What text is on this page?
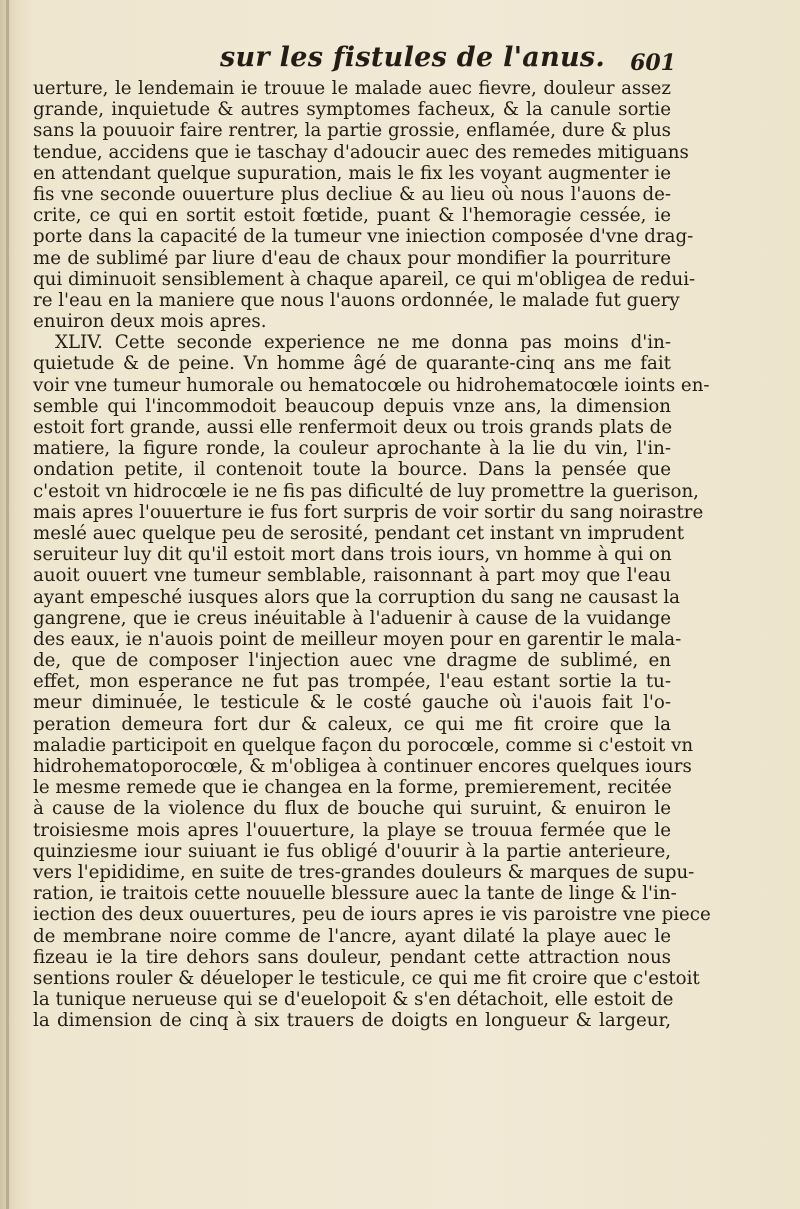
sur les fistules de l'anus. 601
uerture, le lendemain ie trouue le malade auec fievre, douleur assez
grande, inquietude & autres symptomes facheux, & la canule sortie
sans la pouuoir faire rentrer, la partie grossie, enflamée, dure & plus
tendue, accidens que ie taschay d'adoucir auec des remedes mitiguans
en attendant quelque supuration, mais le fix les voyant augmenter ie
fis vne seconde ouuerture plus decliue & au lieu où nous l'auons de-
crite, ce qui en sortit estoit fœtide, puant & l'hemoragie cessée, ie
porte dans la capacité de la tumeur vne iniection composée d'vne drag-
me de sublimé par liure d'eau de chaux pour mondifier la pourriture
qui diminuoit sensiblement à chaque apareil, ce qui m'obligea de redui-
re l'eau en la maniere que nous l'auons ordonnée, le malade fut guery
enuiron deux mois apres.
XLIV. Cette seconde experience ne me donna pas moins d'in-
quietude & de peine. Vn homme âgé de quarante-cinq ans me fait
voir vne tumeur humorale ou hematocœle ou hidrohematocœle ioints en-
semble qui l'incommodoit beaucoup depuis vnze ans, la dimension
estoit fort grande, aussi elle renfermoit deux ou trois grands plats de
matiere, la figure ronde, la couleur aprochante à la lie du vin, l'in-
ondation petite, il contenoit toute la bource. Dans la pensée que
c'estoit vn hidrocœle ie ne fis pas dificulté de luy promettre la guerison,
mais apres l'ouuerture ie fus fort surpris de voir sortir du sang noirastre
meslé auec quelque peu de serosité, pendant cet instant vn imprudent
seruiteur luy dit qu'il estoit mort dans trois iours, vn homme à qui on
auoit ouuert vne tumeur semblable, raisonnant à part moy que l'eau
ayant empesché iusques alors que la corruption du sang ne causast la
gangrene, que ie creus inéuitable à l'aduenir à cause de la vuidange
des eaux, ie n'auois point de meilleur moyen pour en garentir le mala-
de, que de composer l'injection auec vne dragme de sublimé, en
effet, mon esperance ne fut pas trompée, l'eau estant sortie la tu-
meur diminuée, le testicule & le costé gauche où i'auois fait l'o-
peration demeura fort dur & caleux, ce qui me fit croire que la
maladie participoit en quelque façon du porocœle, comme si c'estoit vn
hidrohematoporocœle, & m'obligea à continuer encores quelques iours
le mesme remede que ie changea en la forme, premierement, recitée
à cause de la violence du flux de bouche qui suruint, & enuiron le
troisiesme mois apres l'ouuerture, la playe se trouua fermée que le
quinziesme iour suiuant ie fus obligé d'ouurir à la partie anterieure,
vers l'epididime, en suite de tres-grandes douleurs & marques de supu-
ration, ie traitois cette nouuelle blessure auec la tante de linge & l'in-
iection des deux ouuertures, peu de iours apres ie vis paroistre vne piece
de membrane noire comme de l'ancre, ayant dilaté la playe auec le
fizeau ie la tire dehors sans douleur, pendant cette attraction nous
sentions rouler & déueloper le testicule, ce qui me fit croire que c'estoit
la tunique nerueuse qui se d'euelopoit & s'en détachoit, elle estoit de
la dimension de cinq à six trauers de doigts en longueur & largeur,
